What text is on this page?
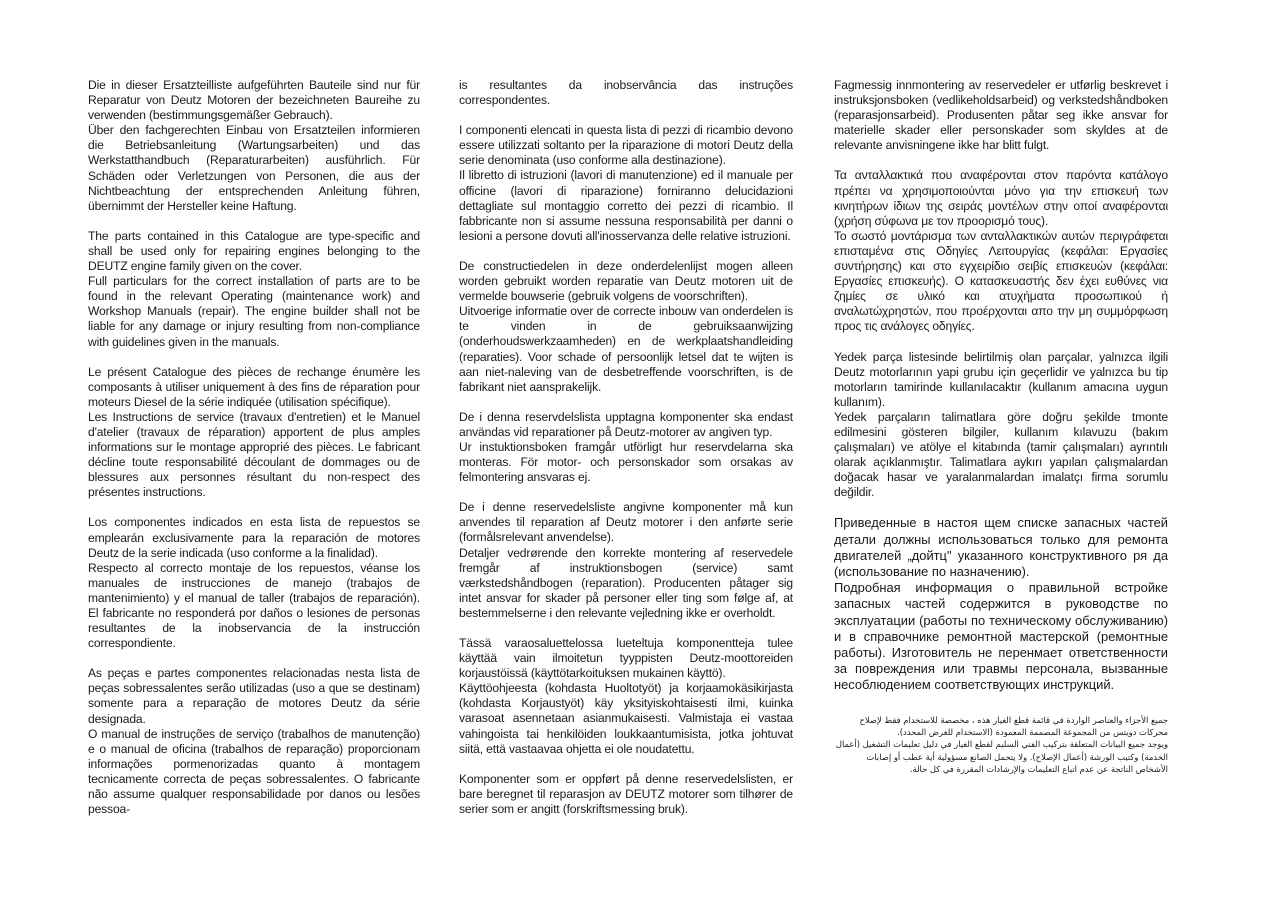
Die in dieser Ersatzteilliste aufgeführten Bauteile sind nur für Reparatur von Deutz Motoren der bezeichneten Baureihe zu verwenden (bestimmungsgemäßer Gebrauch).

Über den fachgerechten Einbau von Ersatzteilen informieren die Betriebsanleitung (Wartungsarbeiten) und das Werkstatthandbuch (Reparaturarbeiten) ausführlich. Für Schäden oder Verletzungen von Personen, die aus der Nichtbeachtung der entsprechenden Anleitung führen, übernimmt der Hersteller keine Haftung.

The parts contained in this Catalogue are type-specific and shall be used only for repairing engines belonging to the DEUTZ engine family given on the cover.

Full particulars for the correct installation of parts are to be found in the relevant Operating (maintenance work) and Workshop Manuals (repair). The engine builder shall not be liable for any damage or injury resulting from non-compliance with guidelines given in the manuals.

Le présent Catalogue des pièces de rechange énumère les composants à utiliser uniquement à des fins de réparation pour moteurs Diesel de la série indiquée (utilisation spécifique).

Les Instructions de service (travaux d'entretien) et le Manuel d'atelier (travaux de réparation) apportent de plus amples informations sur le montage approprié des pièces. Le fabricant décline toute responsabilité découlant de dommages ou de blessures aux personnes résultant du non-respect des présentes instructions.

Los componentes indicados en esta lista de repuestos se emplearán exclusivamente para la reparación de motores Deutz de la serie indicada (uso conforme a la finalidad).

Respecto al correcto montaje de los repuestos, véanse los manuales de instrucciones de manejo (trabajos de mantenimiento) y el manual de taller (trabajos de reparación). El fabricante no responderá por daños o lesiones de personas resultantes de la inobservancia de la instrucción correspondiente.

As peças e partes componentes relacionadas nesta lista de peças sobressalentes serão utilizadas (uso a que se destinam) somente para a reparação de motores Deutz da série designada.

O manual de instruções de serviço (trabalhos de manutenção) e o manual de oficina (trabalhos de reparação) proporcionam informações pormenorizadas quanto à montagem tecnicamente correcta de peças sobressalentes. O fabricante não assume qualquer responsabilidade por danos ou lesões pessoa-

is resultantes da inobservância das instruções correspondentes.

I componenti elencati in questa lista di pezzi di ricambio devono essere utilizzati soltanto per la riparazione di motori Deutz della serie denominata (uso conforme alla destinazione).

Il libretto di istruzioni (lavori di manutenzione) ed il manuale per officine (lavori di riparazione) forniranno delucidazioni dettagliate sul montaggio corretto dei pezzi di ricambio. Il fabbricante non si assume nessuna responsabilità per danni o lesioni a persone dovuti all'inosservanza delle relative istruzioni.

De constructiedelen in deze onderdelenlijst mogen alleen worden gebruikt worden reparatie van Deutz motoren uit de vermelde bouwserie (gebruik volgens de voorschriften).

Uitvoerige informatie over de correcte inbouw van onderdelen is te vinden in de gebruiksaanwijzing (onderhoudswerkzaamheden) en de werkplaatshandleiding (reparaties). Voor schade of persoonlijk letsel dat te wijten is aan niet-naleving van de desbetreffende voorschriften, is de fabrikant niet aansprakelijk.

De i denna reservdelslista upptagna komponenter ska endast användas vid reparationer på Deutz-motorer av angiven typ.

Ur instuktionsboken framgår utförligt hur reservdelarna ska monteras. För motor- och personskador som orsakas av felmontering ansvaras ej.

De i denne reservedelsliste angivne komponenter må kun anvendes til reparation af Deutz motorer i den anførte serie (formålsrelevant anvendelse).

Detaljer vedrørende den korrekte montering af reservedele fremgår af instruktionsbogen (service) samt værkstedshåndbogen (reparation). Producenten påtager sig intet ansvar for skader på personer eller ting som følge af, at bestemmelserne i den relevante vejledning ikke er overholdt.

Tässä varaosaluettelossa lueteltuja komponentteja tulee käyttää vain ilmoitetun tyyppisten Deutz-moottoreiden korjaustöissä (käyttötarkoituksen mukainen käyttö).

Käyttöohjeesta (kohdasta Huoltotyöt) ja korjaamokäsikirjasta (kohdasta Korjaustyöt) käy yksityiskohtaisesti ilmi, kuinka varasoat asennetaan asianmukaisesti. Valmistaja ei vastaa vahingoista tai henkilöiden loukkaantumisista, jotka johtuvat siitä, että vastaavaa ohjetta ei ole noudatettu.

Komponenter som er oppført på denne reservedelslisten, er bare beregnet til reparasjon av DEUTZ motorer som tilhører de serier som er angitt (forskriftsmessing bruk).

Fagmessig innmontering av reservedeler er utførlig beskrevet i instruksjonsboken (vedlikeholdsarbeid) og verkstedshåndboken (reparasjonsarbeid). Produsenten påtar seg ikke ansvar for materielle skader eller personskader som skyldes at de relevante anvisningene ikke har blitt fulgt.

Τα ανταλλακτικά που αναφέρονται στον παρόντα κατάλογο πρέπει να χρησιμοποιούνται μόνο για την επισκευή των κινητήρων ίδιων της σειράς μοντέλων στην οποί αναφέρονται (χρήση σύφωνα με τον προορισμό τους).

Το σωστό μοντάρισμα των ανταλλακτικών αυτών περιγράφεται επισταμένα στις Οδηγίες Λειτουργίας (κεφάλαι: Εργασίες συντήρησης) και στο εγχειρίδιο σειβίς επισκευών (κεφάλαι: Εργασίες επισκευής). Ο κατασκευαστής δεν έχει ευθύνες νια ζημίες σε υλικό και ατυχήματα προσωπικού ή αναλωτώχρηστών, που προέρχονται απο την μη συμμόρφωση προς τις ανάλογες οδηγίες.

Yedek parça listesinde belirtilmiş olan parçalar, yalnızca ilgili Deutz motorlarının yapi grubu için geçerlidir ve yalnızca bu tip motorların tamirinde kullanılacaktır (kullanım amacına uygun kullanım).

Yedek parçaların talimatlara göre doğru şekilde tmonte edilmesini gösteren bilgiler, kullanım kılavuzu (bakım çalışmaları) ve atölye el kitabında (tamir çalışmaları) ayrıntılı olarak açıklanmıştır. Talimatlara aykırı yapılan çalışmalardan doğacak hasar ve yaralanmalardan imalatçı firma sorumlu değildir.

Приведенные в настоя щем списке запасных частей детали должны использоваться только для ремонта двигателей „дойтц" указанного конструктивного ря да (использование по назначению).

Подробная информация о правильной встройке запасных частей содержится в руководстве по эксплуатации (работы по техническому обслуживанию) и в справочнике ремонтной мастерской (ремонтные работы). Изготовитель не перенмает ответственности за повреждения или травмы персонала, вызванные несоблюдением соответствующих инструкций.

جميع الأجزاء والعناصر الواردة في قائمة قطع الغيار هذه ، مخصصة للاستخدام فقط لإصلاح محركات دويتس من المجموعة المصممة المعمودة (الاستخدام للغرض المحدد).

ويوجد جميع البيانات المتعلقة بتركيب الفني السليم لقطع الغيار في دليل تعليمات التشغيل (أعمال الخدمة) وكتيب الورشة (أعمال الإصلاح). ولا يتحمل الصانع مسؤولية أية عطب أو إصابات الأشخاص الناتجة عن عدم اتباع التعليمات والإرشادات المقررة في كل حالة.
